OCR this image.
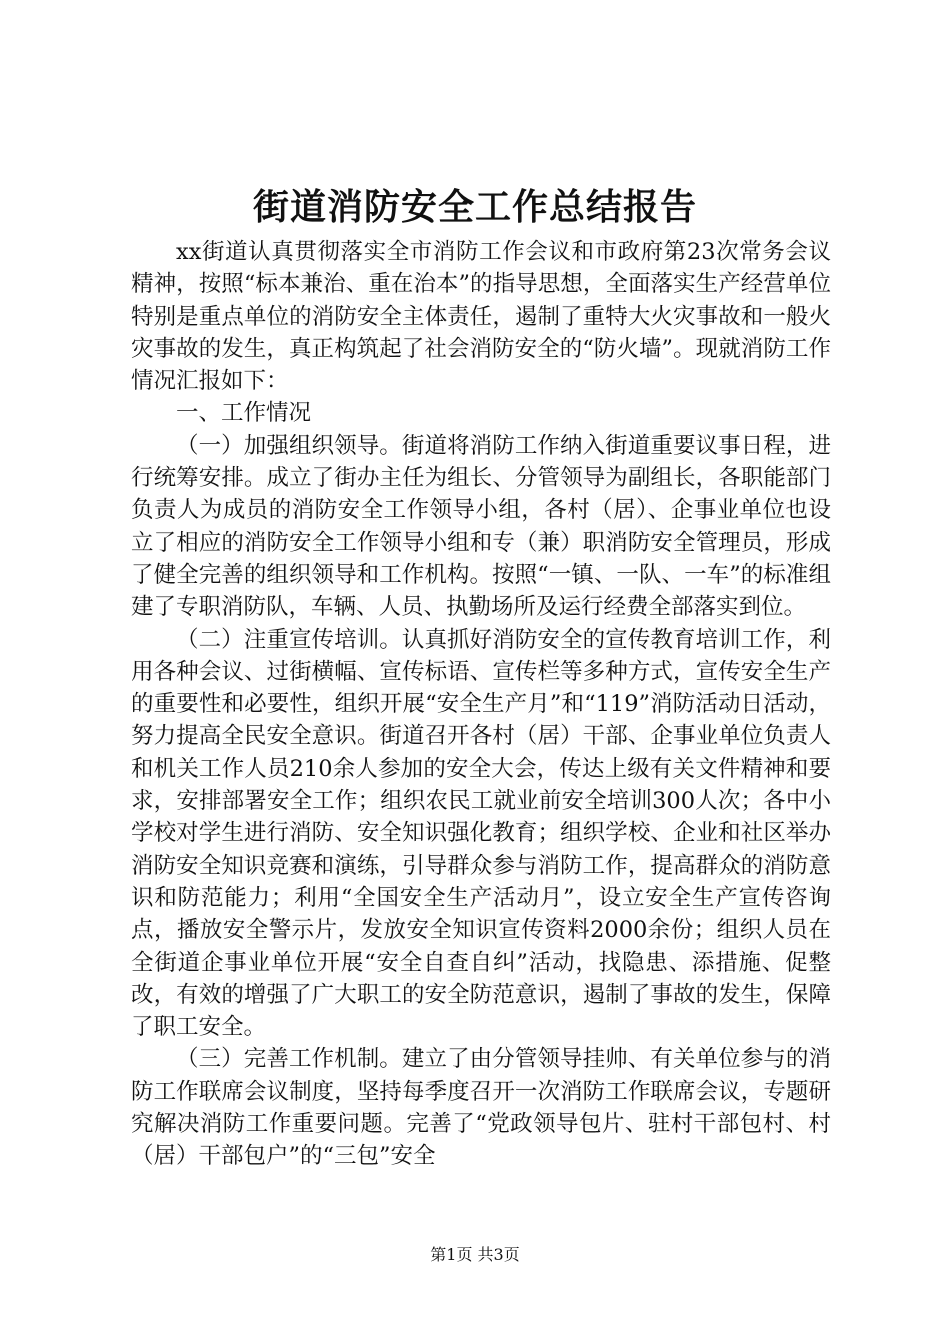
街道消防安全工作总结报告

xx街道认真贯彻落实全市消防工作会议和市政府第23次常务会议精神，按照“标本兼治、重在治本”的指导思想，全面落实生产经营单位特别是重点单位的消防安全主体责任，遏制了重特大火灾事故和一般火灾事故的发生，真正构筑起了社会消防安全的“防火墙”。现就消防工作情况汇报如下：

一、工作情况

（一）加强组织领导。街道将消防工作纳入街道重要议事日程，进行统筹安排。成立了街办主任为组长、分管领导为副组长，各职能部门负责人为成员的消防安全工作领导小组，各村（居）、企事业单位也设立了相应的消防安全工作领导小组和专（兼）职消防安全管理员，形成了健全完善的组织领导和工作机构。按照“一镇、一队、一车”的标准组建了专职消防队，车辆、人员、执勤场所及运行经费全部落实到位。

（二）注重宣传培训。认真抓好消防安全的宣传教育培训工作，利用各种会议、过街横幅、宣传标语、宣传栏等多种方式，宣传安全生产的重要性和必要性，组织开展“安全生产月”和“119”消防活动日活动，努力提高全民安全意识。街道召开各村（居）干部、企事业单位负责人和机关工作人员210余人参加的安全大会，传达上级有关文件精神和要求，安排部署安全工作；组织农民工就业前安全培训300人次；各中小学校对学生进行消防、安全知识强化教育；组织学校、企业和社区举办消防安全知识竞赛和演练，引导群众参与消防工作，提高群众的消防意识和防范能力；利用“全国安全生产活动月”，设立安全生产宣传咨询点，播放安全警示片，发放安全知识宣传资料2000余份；组织人员在全街道企事业单位开展“安全自查自纠”活动，找隐患、添措施、促整改，有效的增强了广大职工的安全防范意识，遏制了事故的发生，保障了职工安全。

（三）完善工作机制。建立了由分管领导挂帅、有关单位参与的消防工作联席会议制度，坚持每季度召开一次消防工作联席会议，专题研究解决消防工作重要问题。完善了“党政领导包片、驻村干部包村、村（居）干部包户”的“三包”安全

第1页 共3页
